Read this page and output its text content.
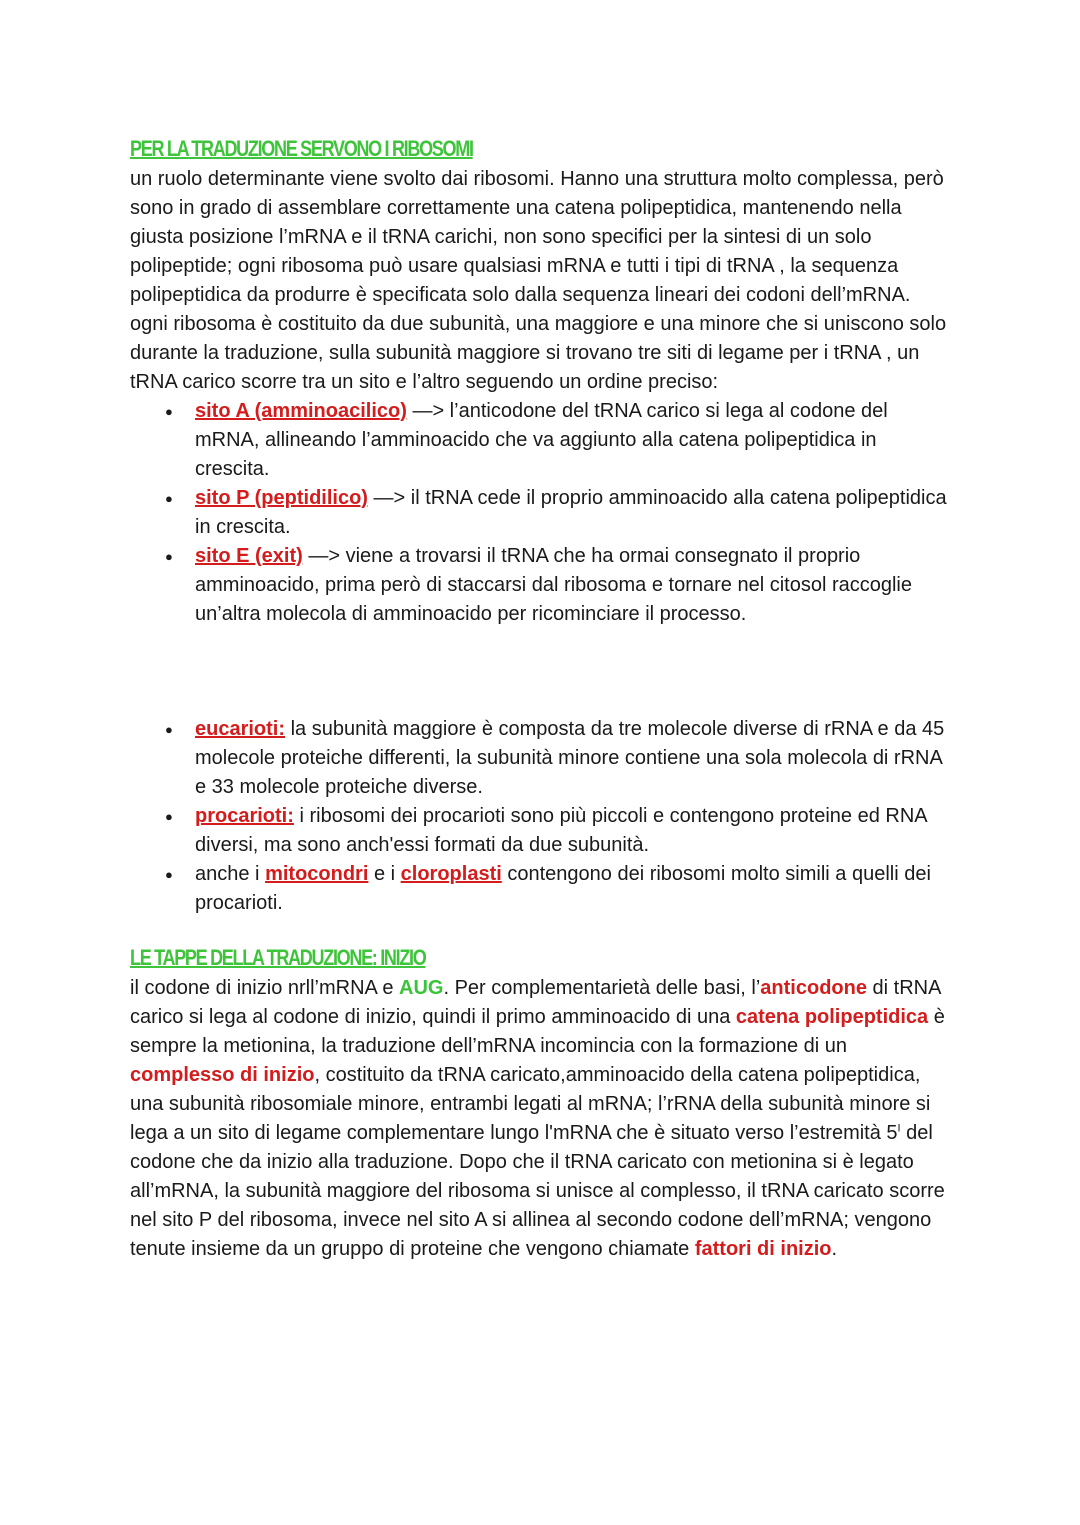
PER LA TRADUZIONE SERVONO I RIBOSOMI

un ruolo determinante viene svolto dai ribosomi. Hanno una struttura molto complessa, però sono in grado di assemblare correttamente una catena polipeptidica, mantenendo nella giusta posizione l’mRNA e il tRNA carichi, non sono specifici per la sintesi di un solo polipeptide; ogni ribosoma può usare qualsiasi mRNA e tutti i tipi di tRNA , la sequenza polipeptidica da produrre è specificata solo dalla sequenza lineari dei codoni dell’mRNA.

ogni ribosoma è costituito da due subunità, una maggiore e una minore che si uniscono solo durante la traduzione, sulla subunità maggiore si trovano tre siti di legame per i tRNA , un tRNA carico scorre tra un sito e l’altro seguendo un ordine preciso:

● sito A (amminoacilico) —> l’anticodone del tRNA carico si lega al codone del mRNA, allineando l’amminoacido che va aggiunto alla catena polipeptidica in crescita.
● sito P (peptidilico) —> il tRNA cede il proprio amminoacido alla catena polipeptidica in crescita.
● sito E (exit) —> viene a trovarsi il tRNA che ha ormai consegnato il proprio amminoacido, prima però di staccarsi dal ribosoma e tornare nel citosol raccoglie un’altra molecola di amminoacido per ricominciare il processo.
● eucarioti: la subunità maggiore è composta da tre molecole diverse di rRNA e da 45 molecole proteiche differenti, la subunità minore contiene una sola molecola di rRNA e 33 molecole proteiche diverse.
● procarioti: i ribosomi dei procarioti sono più piccoli e contengono proteine ed RNA diversi, ma sono anch'essi formati da due subunità.
● anche i mitocondri e i cloroplasti contengono dei ribosomi molto simili a quelli dei procarioti.
LE TAPPE DELLA TRADUZIONE: INIZIO

il codone di inizio nrll’mRNA e AUG. Per complementarietà delle basi, l’anticodone di tRNA carico si lega al codone di inizio, quindi il primo amminoacido di una catena polipeptidica è sempre la metionina, la traduzione dell’mRNA incomincia con la formazione di un complesso di inizio, costituito da tRNA caricato,amminoacido della catena polipeptidica, una subunità ribosomiale minore, entrambi legati al mRNA; l’rRNA della subunità minore si lega a un sito di legame complementare lungo l'mRNA che è situato verso l’estremità $5^I$ del codone che da inizio alla traduzione. Dopo che il tRNA caricato con metionina si è legato all’mRNA, la subunità maggiore del ribosoma si unisce al complesso, il tRNA caricato scorre nel sito P del ribosoma, invece nel sito A si allinea al secondo codone dell’mRNA; vengono tenute insieme da un gruppo di proteine che vengono chiamate fattori di inizio.
